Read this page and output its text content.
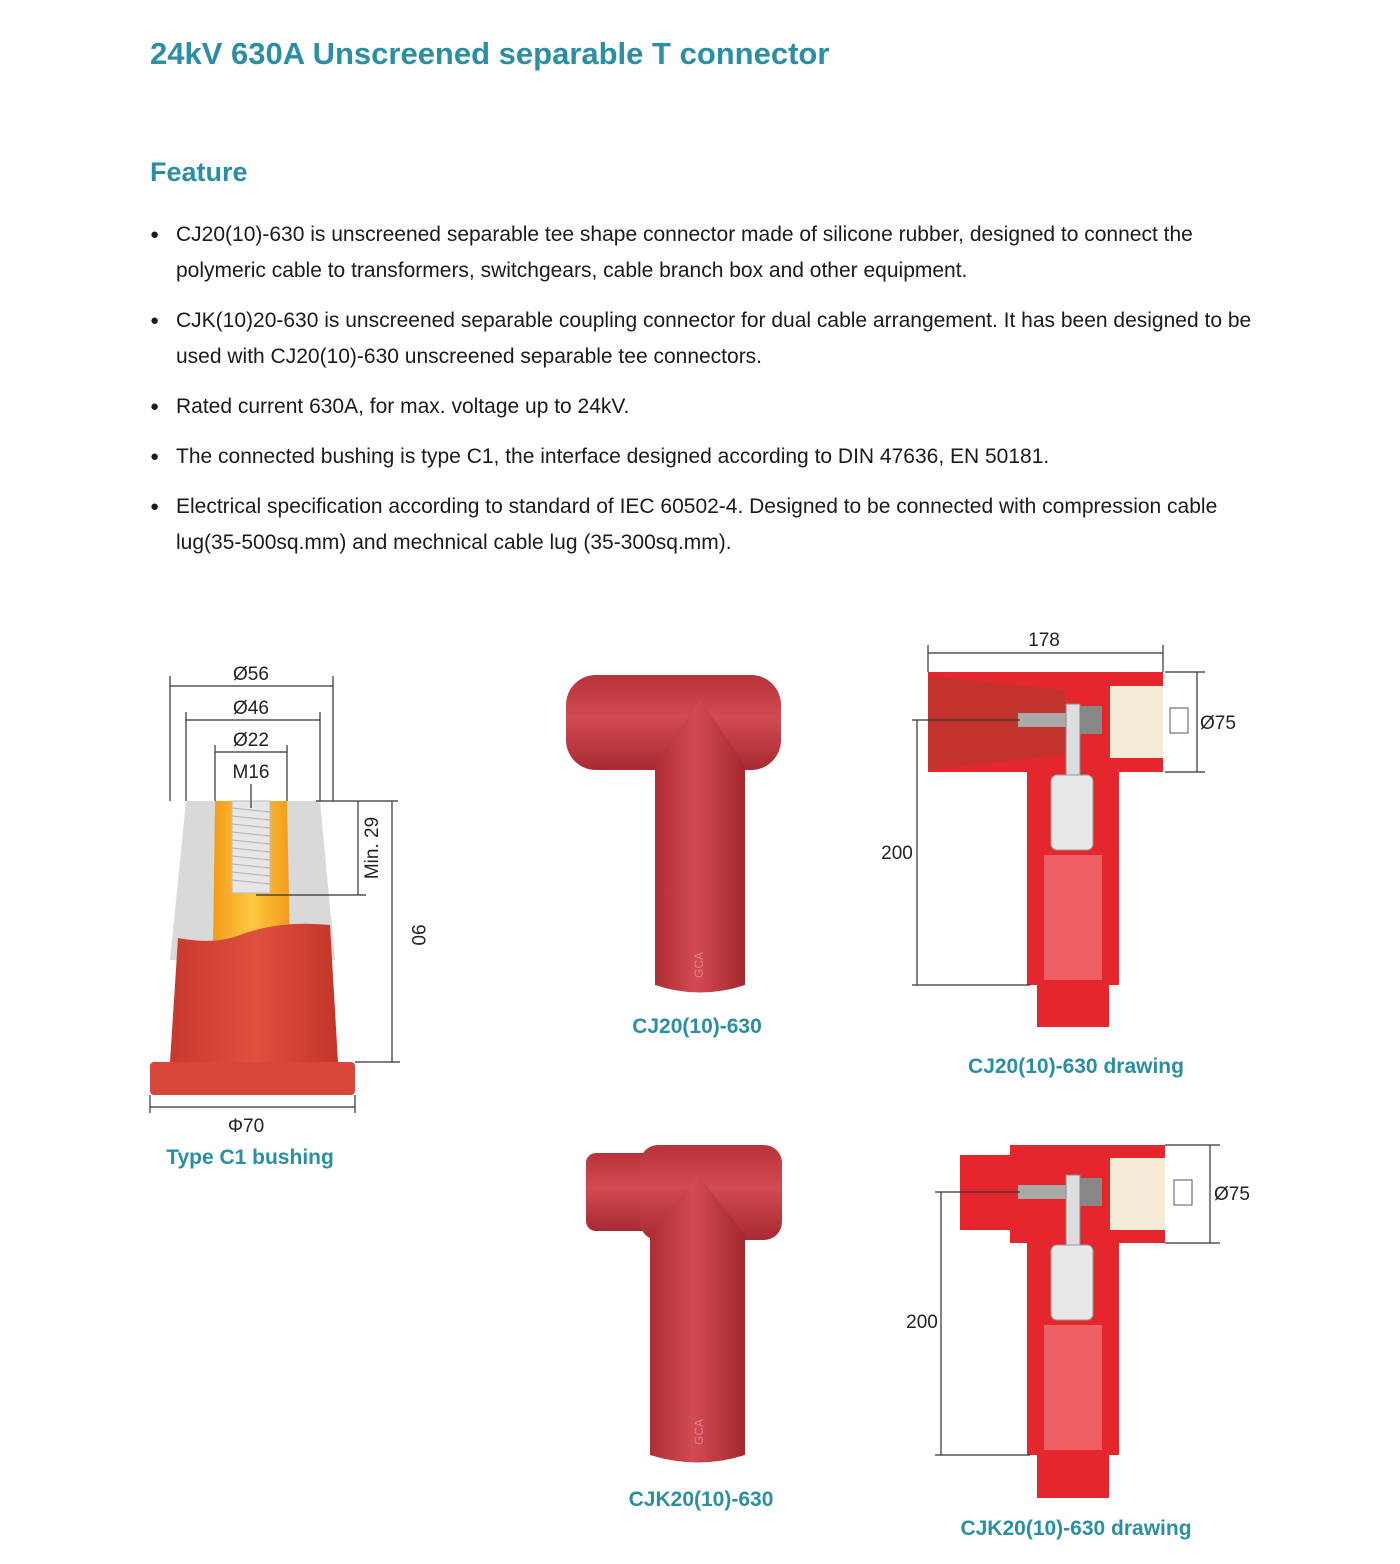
24kV 630A Unscreened separable T connector
Feature
● CJ20(10)-630 is unscreened separable tee shape connector made of silicone rubber, designed to connect the polymeric cable to transformers, switchgears, cable branch box and other equipment.
● CJK(10)20-630 is unscreened separable coupling connector for dual cable arrangement. It has been designed to be used with CJ20(10)-630 unscreened separable tee connectors.
● Rated current 630A, for max. voltage up to 24kV.
● The connected bushing is type C1, the interface designed according to DIN 47636, EN 50181.
● Electrical specification according to standard of IEC 60502-4. Designed to be connected with compression cable lug(35-500sq.mm) and mechnical cable lug (35-300sq.mm).
Ø56
Ø46
Ø22
M16
Min. 29
90
Φ70
Type C1 bushing
GCA
CJ20(10)-630
178
Ø75
200
CJ20(10)-630 drawing
GCA
CJK20(10)-630
Ø75
200
CJK20(10)-630 drawing
